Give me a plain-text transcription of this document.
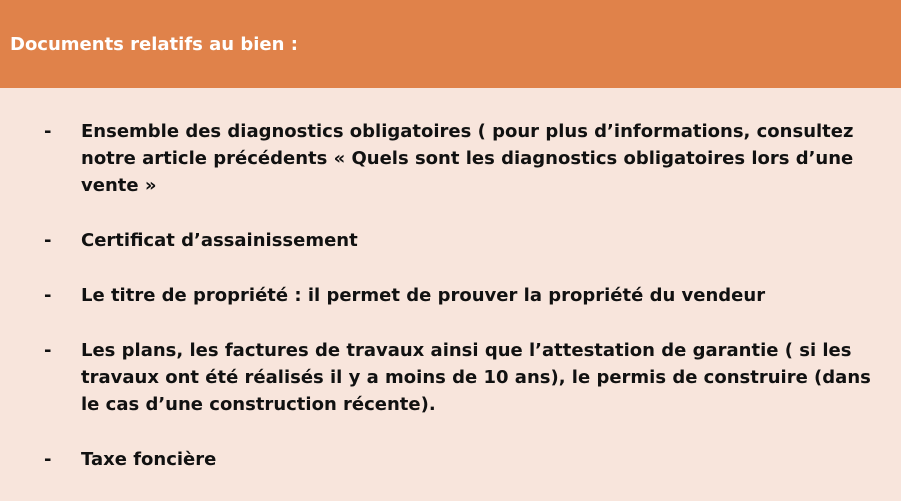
Documents relatifs au bien :
-	Ensemble des diagnostics obligatoires ( pour plus d’informations, consultez notre article précédents « Quels sont les diagnostics obligatoires lors d’une vente »
-	Certificat d’assainissement
-	Le titre de propriété : il permet de prouver la propriété du vendeur
-	Les plans, les factures de travaux ainsi que l’attestation de garantie ( si les travaux ont été réalisés il y a moins de 10 ans), le permis de construire (dans le cas d’une construction récente).
-	Taxe foncière
